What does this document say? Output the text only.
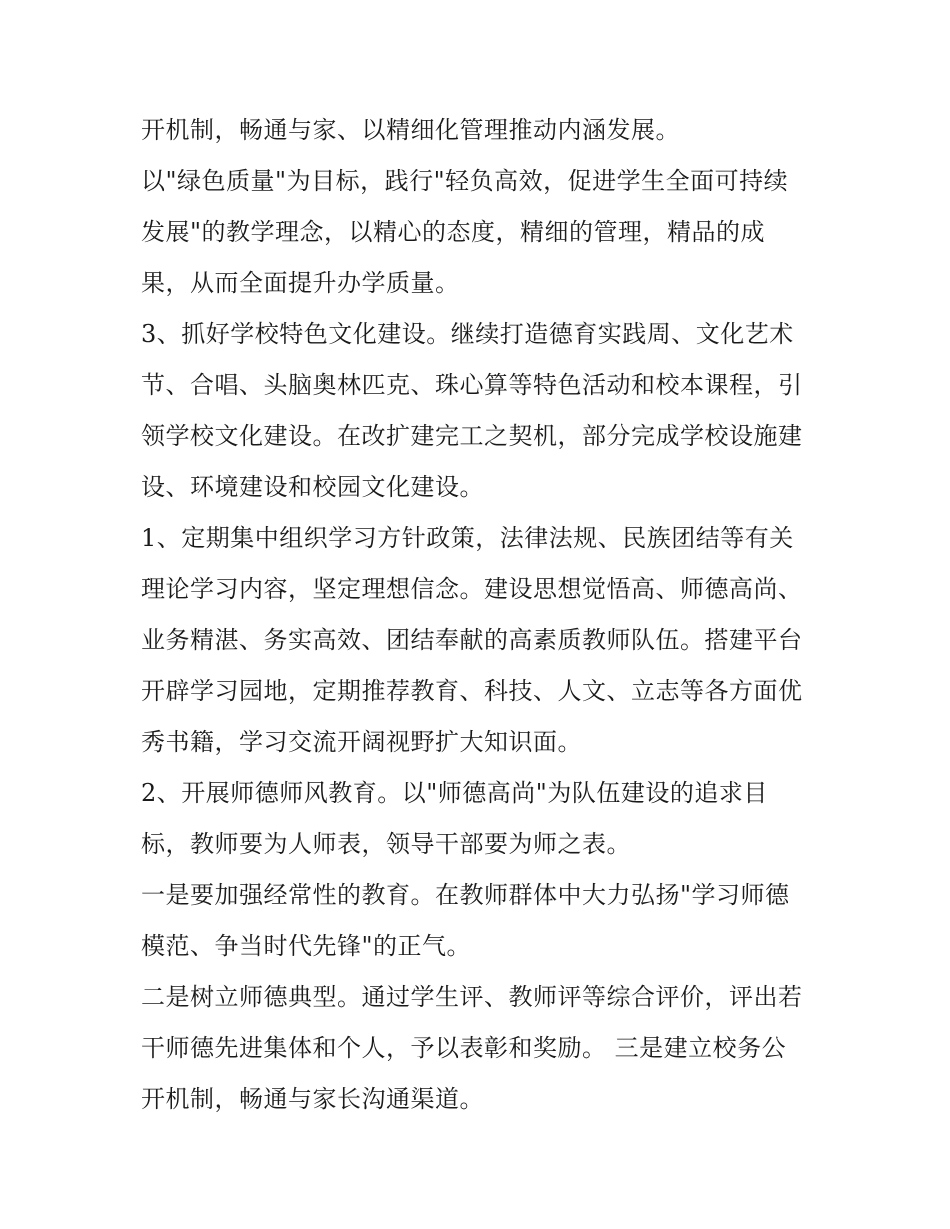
开机制，畅通与家、以精细化管理推动内涵发展。
以"绿色质量"为目标，践行"轻负高效，促进学生全面可持续
发展"的教学理念，以精心的态度，精细的管理，精品的成
果，从而全面提升办学质量。
3、抓好学校特色文化建设。继续打造德育实践周、文化艺术
节、合唱、头脑奥林匹克、珠心算等特色活动和校本课程，引
领学校文化建设。在改扩建完工之契机，部分完成学校设施建
设、环境建设和校园文化建设。
1、定期集中组织学习方针政策，法律法规、民族团结等有关
理论学习内容，坚定理想信念。建设思想觉悟高、师德高尚、
业务精湛、务实高效、团结奉献的高素质教师队伍。搭建平台
开辟学习园地，定期推荐教育、科技、人文、立志等各方面优
秀书籍，学习交流开阔视野扩大知识面。
2、开展师德师风教育。以"师德高尚"为队伍建设的追求目
标，教师要为人师表，领导干部要为师之表。
一是要加强经常性的教育。在教师群体中大力弘扬"学习师德
模范、争当时代先锋"的正气。
二是树立师德典型。通过学生评、教师评等综合评价，评出若
干师德先进集体和个人，予以表彰和奖励。 三是建立校务公
开机制，畅通与家长沟通渠道。
